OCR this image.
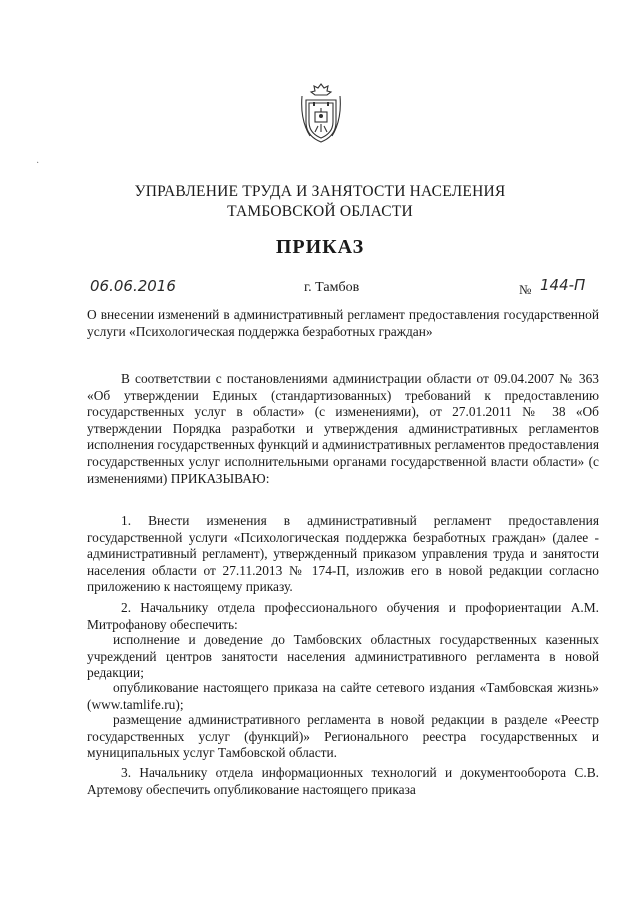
·
УПРАВЛЕНИЕ ТРУДА И ЗАНЯТОСТИ НАСЕЛЕНИЯ
ТАМБОВСКОЙ ОБЛАСТИ
ПРИКАЗ
06.06.2016	г. Тамбов	№ 144-П
О внесении изменений в административный регламент предоставления государственной услуги «Психологическая поддержка безработных граждан»
В соответствии с постановлениями администрации области от 09.04.2007 № 363 «Об утверждении Единых (стандартизованных) требований к предоставлению государственных услуг в области» (с изменениями), от 27.01.2011 № 38 «Об утверждении Порядка разработки и утверждения административных регламентов исполнения государственных функций и административных регламентов предоставления государственных услуг исполнительными органами государственной власти области» (с изменениями) ПРИКАЗЫВАЮ:
1. Внести изменения в административный регламент предоставления государственной услуги «Психологическая поддержка безработных граждан» (далее - административный регламент), утвержденный приказом управления труда и занятости населения области от 27.11.2013 № 174-П, изложив его в новой редакции согласно приложению к настоящему приказу.
2. Начальнику отдела профессионального обучения и профориентации А.М. Митрофанову обеспечить:
исполнение и доведение до Тамбовских областных государственных казенных учреждений центров занятости населения административного регламента в новой редакции;
опубликование настоящего приказа на сайте сетевого издания «Тамбовская жизнь» (www.tamlife.ru);
размещение административного регламента в новой редакции в разделе «Реестр государственных услуг (функций)» Регионального реестра государственных и муниципальных услуг Тамбовской области.
3. Начальнику отдела информационных технологий и документооборота С.В. Артемову обеспечить опубликование настоящего приказа
